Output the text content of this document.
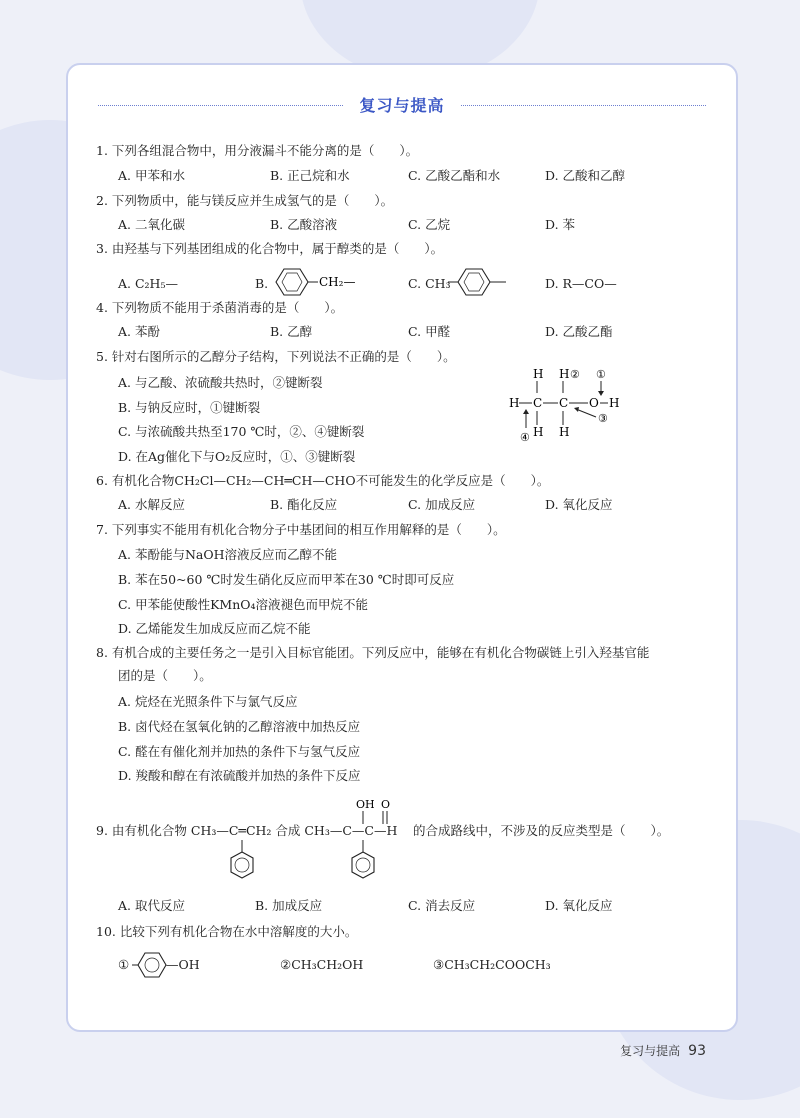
复习与提高
1. 下列各组混合物中，用分液漏斗不能分离的是（　　）。
A. 甲苯和水	B. 正己烷和水	C. 乙酸乙酯和水	D. 乙酸和乙醇
2. 下列物质中，能与镁反应并生成氢气的是（　　）。
A. 二氧化碳	B. 乙酸溶液	C. 乙烷	D. 苯
3. 由羟基与下列基团组成的化合物中，属于醇类的是（　　）。
A. C₂H₅—	B.	CH₂—	C. CH₃	D. R—CO—
4. 下列物质不能用于杀菌消毒的是（　　）。
A. 苯酚	B. 乙醇	C. 甲醛	D. 乙酸乙酯
5. 针对右图所示的乙醇分子结构，下列说法不正确的是（　　）。
A. 与乙酸、浓硫酸共热时，②键断裂
B. 与钠反应时，①键断裂
C. 与浓硫酸共热至170 ℃时，②、④键断裂
D. 在Ag催化下与O₂反应时，①、③键断裂
H H ② ①
H C C O H
H H
③
④
6. 有机化合物CH₂Cl—CH₂—CH═CH—CHO不可能发生的化学反应是（　　）。
A. 水解反应	B. 酯化反应	C. 加成反应	D. 氧化反应
7. 下列事实不能用有机化合物分子中基团间的相互作用解释的是（　　）。
A. 苯酚能与NaOH溶液反应而乙醇不能
B. 苯在50~60 ℃时发生硝化反应而甲苯在30 ℃时即可反应
C. 甲苯能使酸性KMnO₄溶液褪色而甲烷不能
D. 乙烯能发生加成反应而乙烷不能
8. 有机合成的主要任务之一是引入目标官能团。下列反应中，能够在有机化合物碳链上引入羟基官能
团的是（　　）。
A. 烷烃在光照条件下与氯气反应
B. 卤代烃在氢氧化钠的乙醇溶液中加热反应
C. 醛在有催化剂并加热的条件下与氢气反应
D. 羧酸和醇在有浓硫酸并加热的条件下反应
9. 由有机化合物 CH₃—C═CH₂ 合成 CH₃—C—C—H 的合成路线中，不涉及的反应类型是（　　）。
OH O
A. 取代反应	B. 加成反应	C. 消去反应	D. 氧化反应
10. 比较下列有机化合物在水中溶解度的大小。
①	—OH	②CH₃CH₂OH	③CH₃CH₂COOCH₃
复习与提高 93
